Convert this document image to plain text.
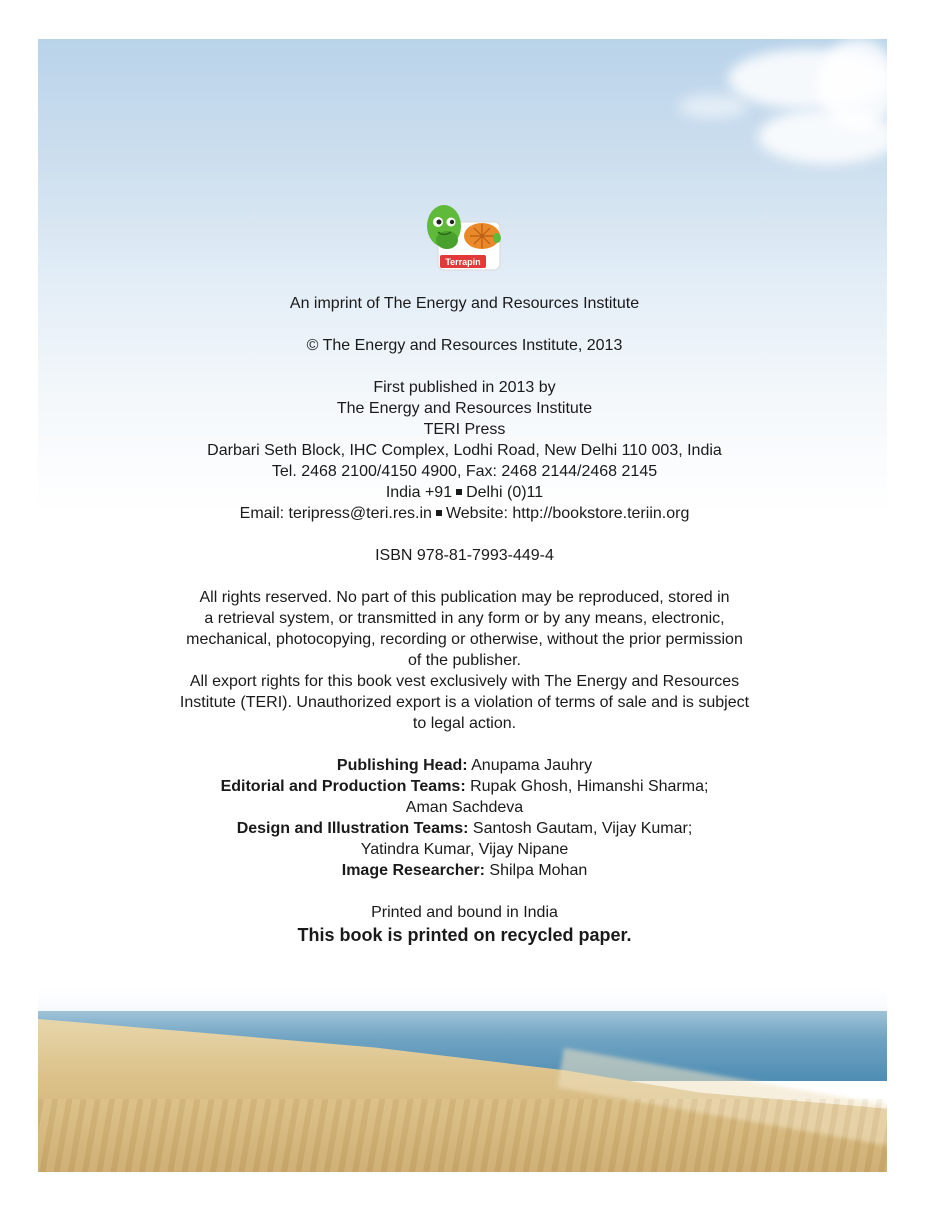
Terrapin

An imprint of The Energy and Resources Institute

© The Energy and Resources Institute, 2013

First published in 2013 by

The Energy and Resources Institute

TERI Press

Darbari Seth Block, IHC Complex, Lodhi Road, New Delhi 110 003, India

Tel. 2468 2100/4150 4900, Fax: 2468 2144/2468 2145

India +91 Delhi (0)11

Email: teripress@teri.res.in Website: http://bookstore.teriin.org

ISBN 978-81-7993-449-4

All rights reserved. No part of this publication may be reproduced, stored in

a retrieval system, or transmitted in any form or by any means, electronic,

mechanical, photocopying, recording or otherwise, without the prior permission

of the publisher.

All export rights for this book vest exclusively with The Energy and Resources

Institute (TERI). Unauthorized export is a violation of terms of sale and is subject

to legal action.

Publishing Head: Anupama Jauhry

Editorial and Production Teams: Rupak Ghosh, Himanshi Sharma;

Aman Sachdeva

Design and Illustration Teams: Santosh Gautam, Vijay Kumar;

Yatindra Kumar, Vijay Nipane

Image Researcher: Shilpa Mohan

Printed and bound in India

This book is printed on recycled paper.
